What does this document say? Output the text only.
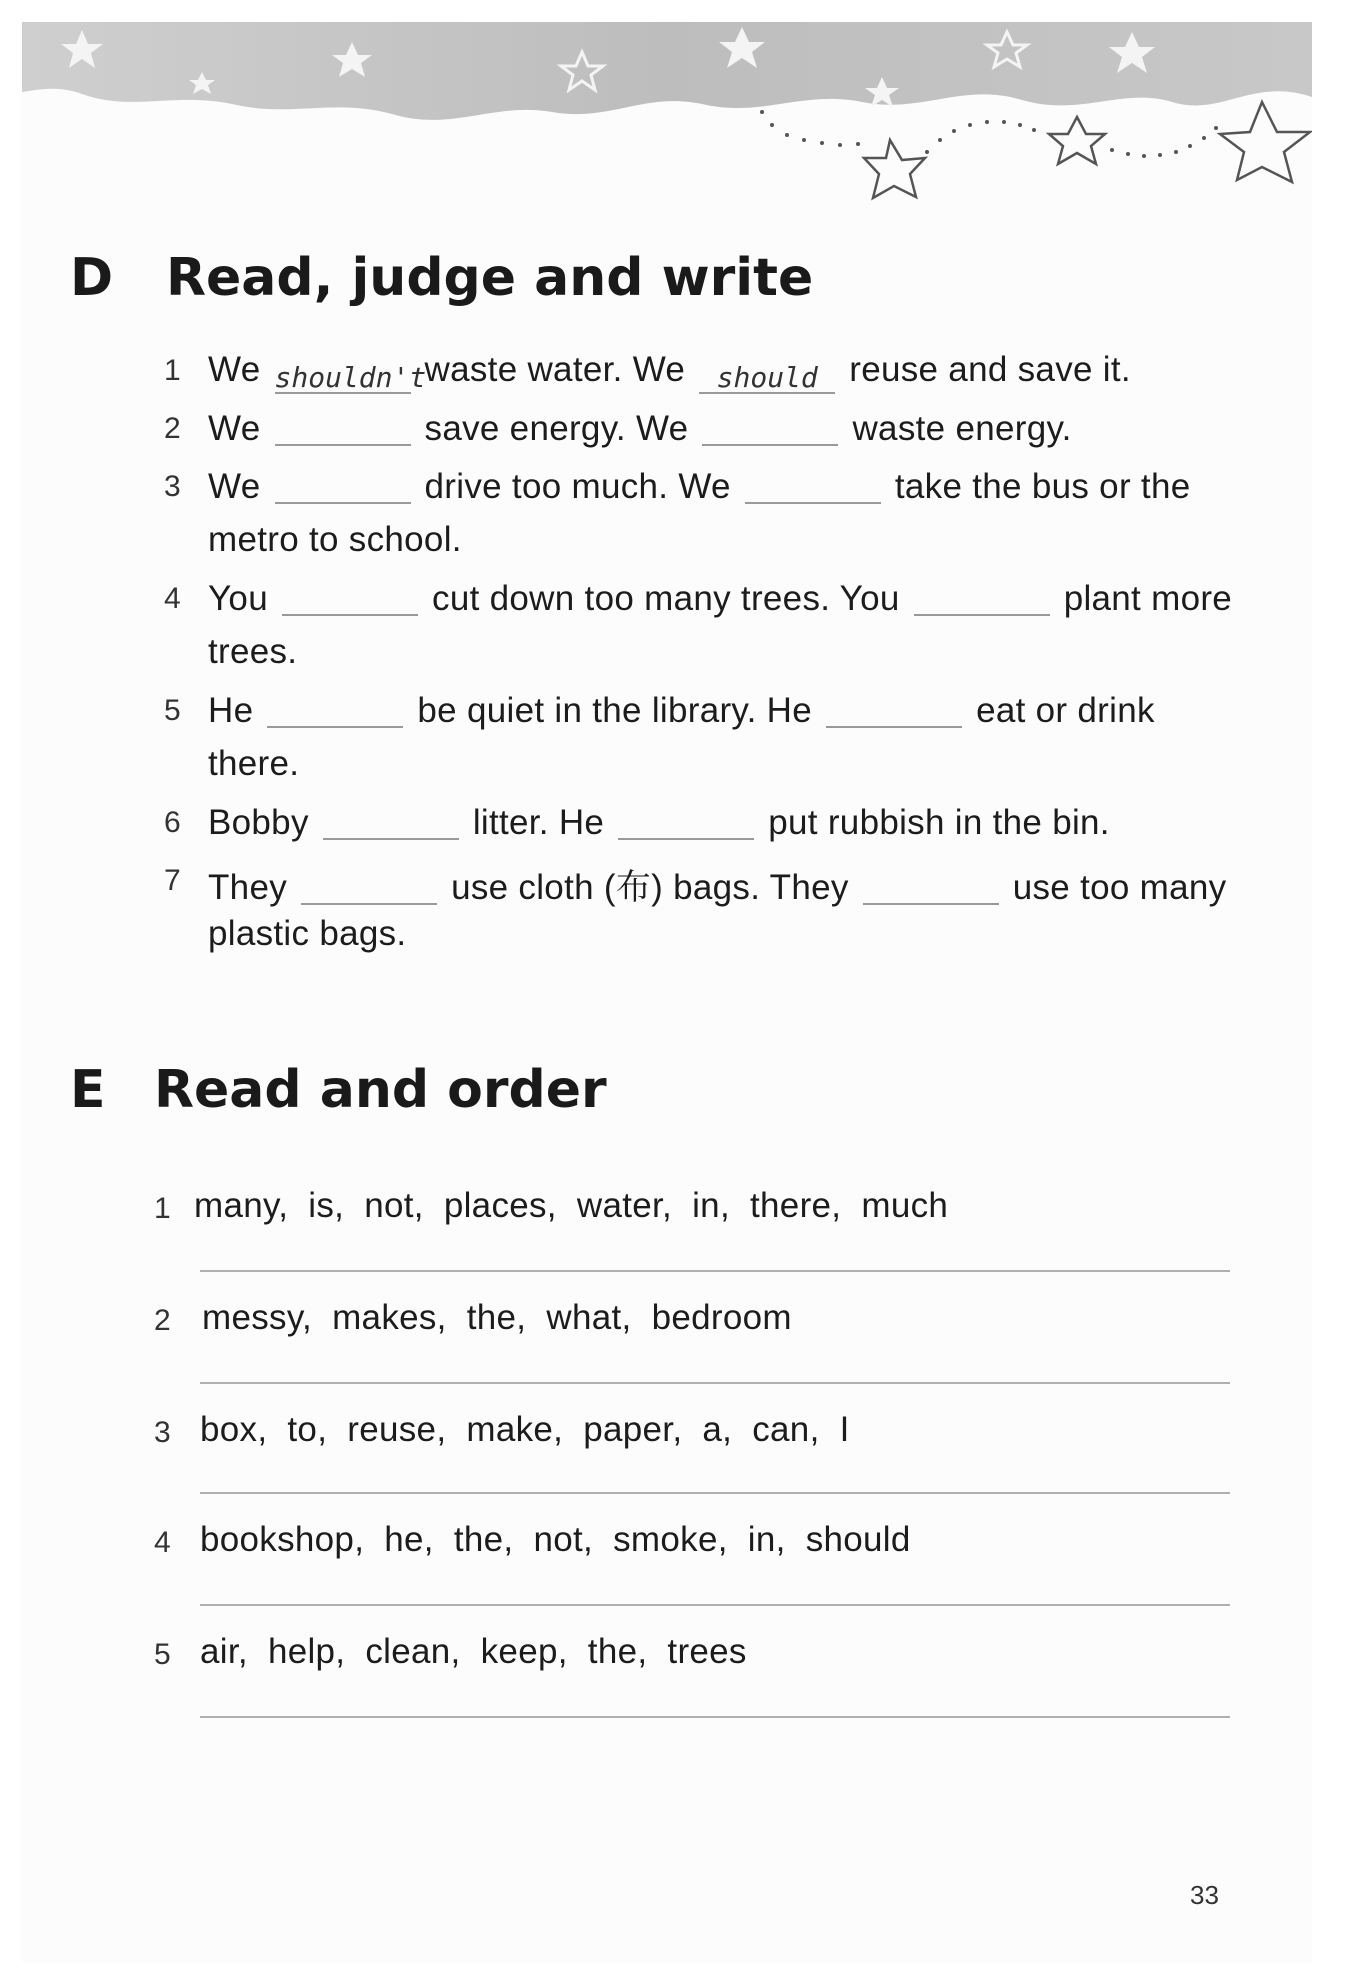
D Read, judge and write
1 We shouldn't waste water. We should reuse and save it.
2 We	save energy. We	waste energy.
3 We	drive too much. We	take the bus or the
metro to school.
4 You	cut down too many trees. You	plant more
trees.
5 He	be quiet in the library. He	eat or drink
there.
6 Bobby	litter. He	put rubbish in the bin.
7 They	use cloth (布) bags. They	use too many
plastic bags.
E Read and order
1 many,  is,  not,  places,  water,  in,  there,  much
2 messy,  makes,  the,  what,  bedroom
3 box,  to,  reuse,  make,  paper,  a,  can,  I
4 bookshop,  he,  the,  not,  smoke,  in,  should
5 air,  help,  clean,  keep,  the,  trees
33
